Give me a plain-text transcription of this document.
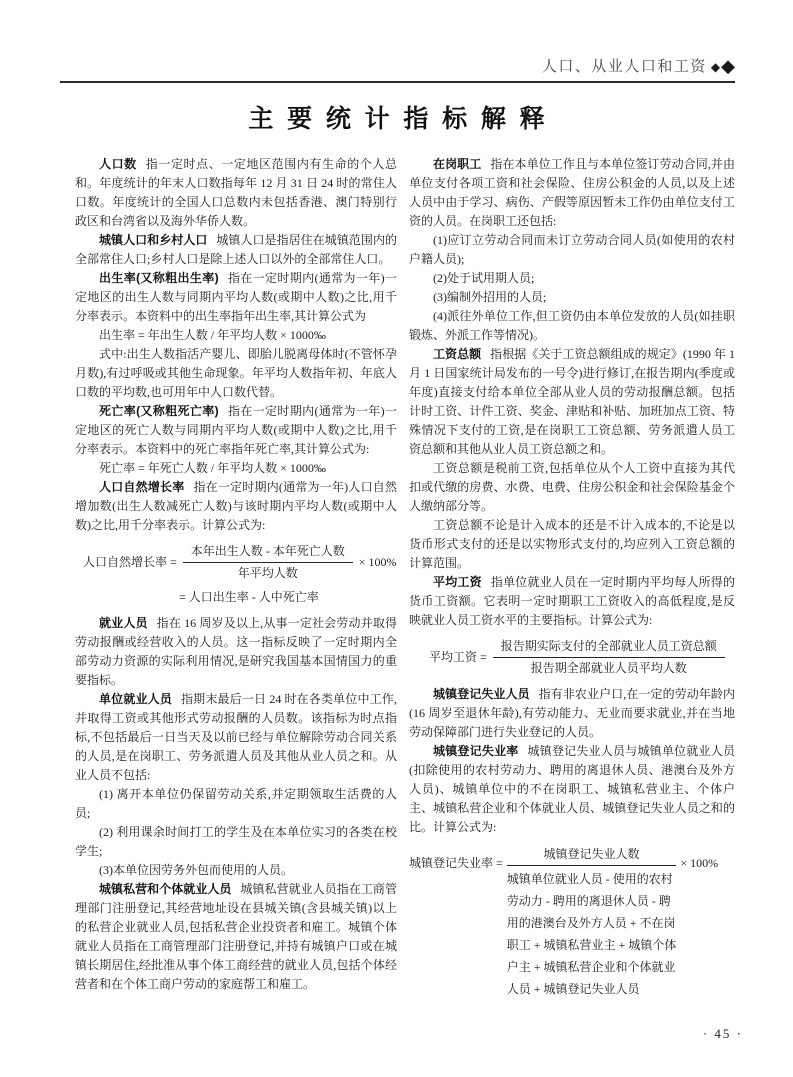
人口、从业人口和工资 ◆◆
主要统计指标解释

人口数 指一定时点、一定地区范围内有生命的个人总和。年度统计的年末人口数指每年 12 月 31 日 24 时的常住人口数。年度统计的全国人口总数内未包括香港、澳门特别行政区和台湾省以及海外华侨人数。

城镇人口和乡村人口 城镇人口是指居住在城镇范围内的全部常住人口;乡村人口是除上述人口以外的全部常住人口。

出生率(又称粗出生率) 指在一定时期内(通常为一年)一定地区的出生人数与同期内平均人数(或期中人数)之比,用千分率表示。本资料中的出生率指年出生率,其计算公式为

出生率 = 年出生人数 / 年平均人数 × 1000‰

式中:出生人数指活产婴儿、即胎儿脱离母体时(不管怀孕月数),有过呼吸或其他生命现象。年平均人数指年初、年底人口数的平均数,也可用年中人口数代替。

死亡率(又称粗死亡率) 指在一定时期内(通常为一年)一定地区的死亡人数与同期内平均人数(或期中人数)之比,用千分率表示。本资料中的死亡率指年死亡率,其计算公式为:

死亡率 = 年死亡人数 / 年平均人数 × 1000‰

人口自然增长率 指在一定时期内(通常为一年)人口自然增加数(出生人数减死亡人数)与该时期内平均人数(或期中人数)之比,用千分率表示。计算公式为:

人口自然增长率 = $\frac{\text{本年出生人数 - 本年死亡人数}}{\text{年平均人数}} \times 100\%$
= 人口出生率 - 人中死亡率

就业人员 指在 16 周岁及以上,从事一定社会劳动并取得劳动报酬或经营收入的人员。这一指标反映了一定时期内全部劳动力资源的实际利用情况,是研究我国基本国情国力的重要指标。

单位就业人员 指期末最后一日 24 时在各类单位中工作,并取得工资或其他形式劳动报酬的人员数。该指标为时点指标,不包括最后一日当天及以前已经与单位解除劳动合同关系的人员,是在岗职工、劳务派遣人员及其他从业人员之和。从业人员不包括:

(1) 离开本单位仍保留劳动关系,并定期领取生活费的人员;

(2) 利用课余时间打工的学生及在本单位实习的各类在校学生;

(3)本单位因劳务外包而使用的人员。

城镇私营和个体就业人员 城镇私营就业人员指在工商管理部门注册登记,其经营地址设在县城关镇(含县城关镇)以上的私营企业就业人员,包括私营企业投资者和雇工。城镇个体就业人员指在工商管理部门注册登记,并持有城镇户口或在城镇长期居住,经批准从事个体工商经营的就业人员,包括个体经营者和在个体工商户劳动的家庭帮工和雇工。

在岗职工 指在本单位工作且与本单位签订劳动合同,并由单位支付各项工资和社会保险、住房公积金的人员,以及上述人员中由于学习、病伤、产假等原因暂未工作仍由单位支付工资的人员。在岗职工还包括:

(1)应订立劳动合同而未订立劳动合同人员(如使用的农村户籍人员);

(2)处于试用期人员;

(3)编制外招用的人员;

(4)派往外单位工作,但工资仍由本单位发放的人员(如挂职锻炼、外派工作等情况)。

工资总额 指根据《关于工资总额组成的规定》(1990 年 1 月 1 日国家统计局发布的一号令)进行修订,在报告期内(季度或年度)直接支付给本单位全部从业人员的劳动报酬总额。包括计时工资、计件工资、奖金、津贴和补贴、加班加点工资、特殊情况下支付的工资,是在岗职工工资总额、劳务派遣人员工资总额和其他从业人员工资总额之和。

工资总额是税前工资,包括单位从个人工资中直接为其代扣或代缴的房费、水费、电费、住房公积金和社会保险基金个人缴纳部分等。

工资总额不论是计入成本的还是不计入成本的,不论是以货币形式支付的还是以实物形式支付的,均应列入工资总额的计算范围。

平均工资 指单位就业人员在一定时期内平均每人所得的货币工资额。它表明一定时期职工工资收入的高低程度,是反映就业人员工资水平的主要指标。计算公式为:

平均工资 = $\frac{\text{报告期实际支付的全部就业人员工资总额}}{\text{报告期全部就业人员平均人数}}$

城镇登记失业人员 指有非农业户口,在一定的劳动年龄内(16 周岁至退休年龄),有劳动能力、无业而要求就业,并在当地劳动保障部门进行失业登记的人员。

城镇登记失业率 城镇登记失业人员与城镇单位就业人员(扣除使用的农村劳动力、聘用的离退休人员、港澳台及外方人员)、城镇单位中的不在岗职工、城镇私营业主、个体户主、城镇私营企业和个体就业人员、城镇登记失业人员之和的比。计算公式为:

城镇登记失业率 =
城镇登记失业人数
城镇单位就业人员 - 使用的农村
劳动力 - 聘用的离退休人员 - 聘
用的港澳台及外方人员 + 不在岗
职工 + 城镇私营业主 + 城镇个体
户主 + 城镇私营企业和个体就业
人员 + 城镇登记失业人员
× 100%
· 45 ·
